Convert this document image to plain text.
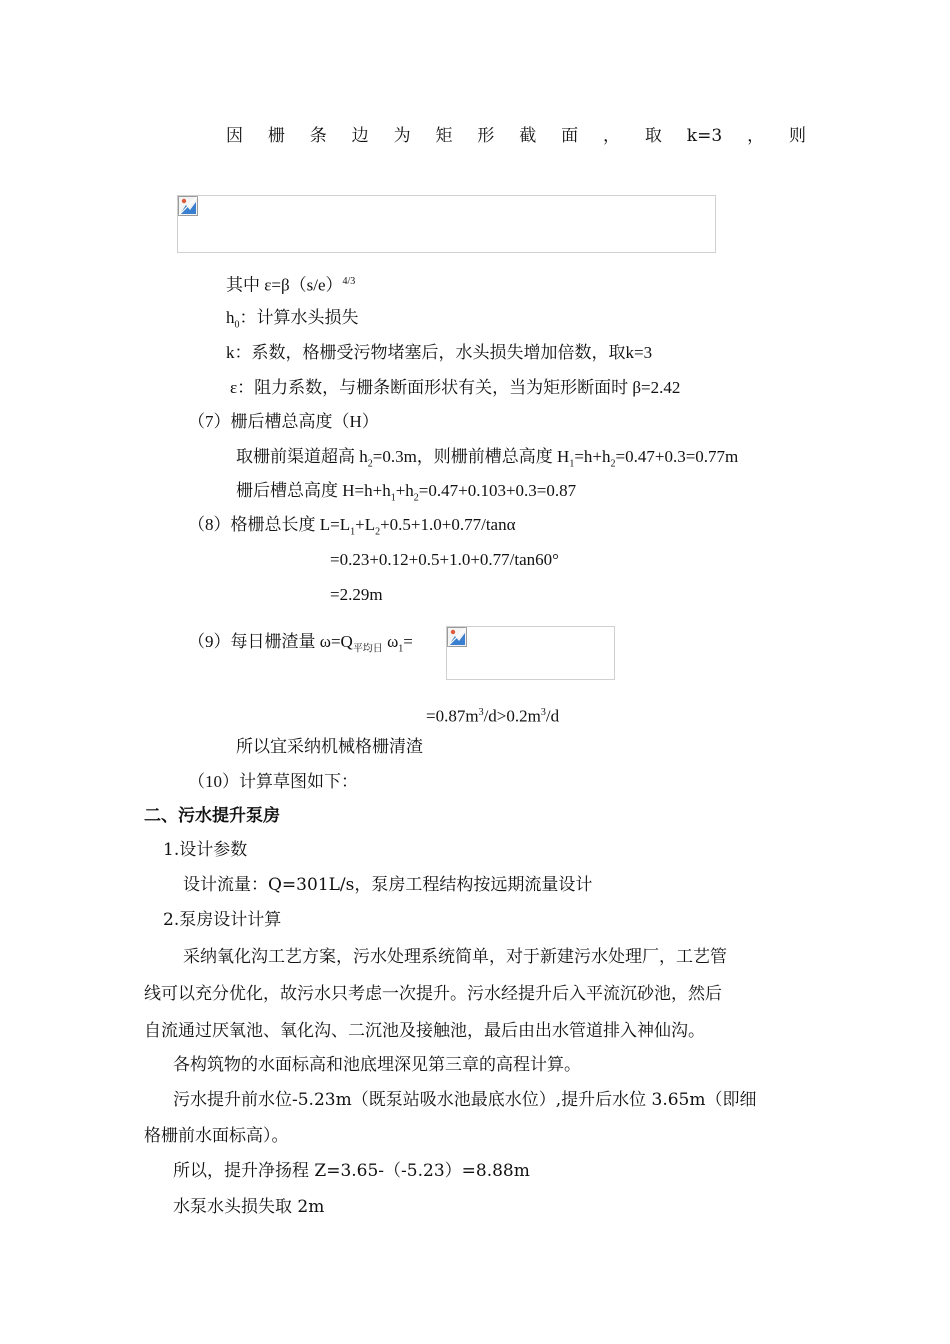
因 栅 条 边 为 矩 形 截 面 ， 取 k=3 ， 则
其中 $\varepsilon=\beta(s/e)^{4/3}$
$h_0$：计算水头损失
k：系数，格栅受污物堵塞后，水头损失增加倍数，取k=3
ε：阻力系数，与栅条断面形状有关，当为矩形断面时 β=2.42
（7）栅后槽总高度（H）
取栅前渠道超高 $h_2=0.3m$，则栅前槽总高度 $H_1=h+h_2=0.47+0.3=0.77m$
栅后槽总高度 $H=h+h_1+h_2=0.47+0.103+0.3=0.87$
（8）格栅总长度 $L=L_1+L_2+0.5+1.0+0.77$/tanα
=0.23+0.12+0.5+1.0+0.77/tan60°
=2.29m
（9）每日栅渣量 $\omega=Q_{平均日}$ $\omega_1=$
$=0.87m^3/d>0.2m^3/d$
所以宜采纳机械格栅清渣
（10）计算草图如下：
二、污水提升泵房
1.设计参数
设计流量：Q=301L/s，泵房工程结构按远期流量设计
2.泵房设计计算
采纳氧化沟工艺方案，污水处理系统简单，对于新建污水处理厂，工艺管
线可以充分优化，故污水只考虑一次提升。污水经提升后入平流沉砂池，然后
自流通过厌氧池、氧化沟、二沉池及接触池，最后由出水管道排入神仙沟。
各构筑物的水面标高和池底埋深见第三章的高程计算。
污水提升前水位-5.23m（既泵站吸水池最底水位）,提升后水位 3.65m（即细
格栅前水面标高）。
所以，提升净扬程 Z=3.65-（-5.23）=8.88m
水泵水头损失取 2m
